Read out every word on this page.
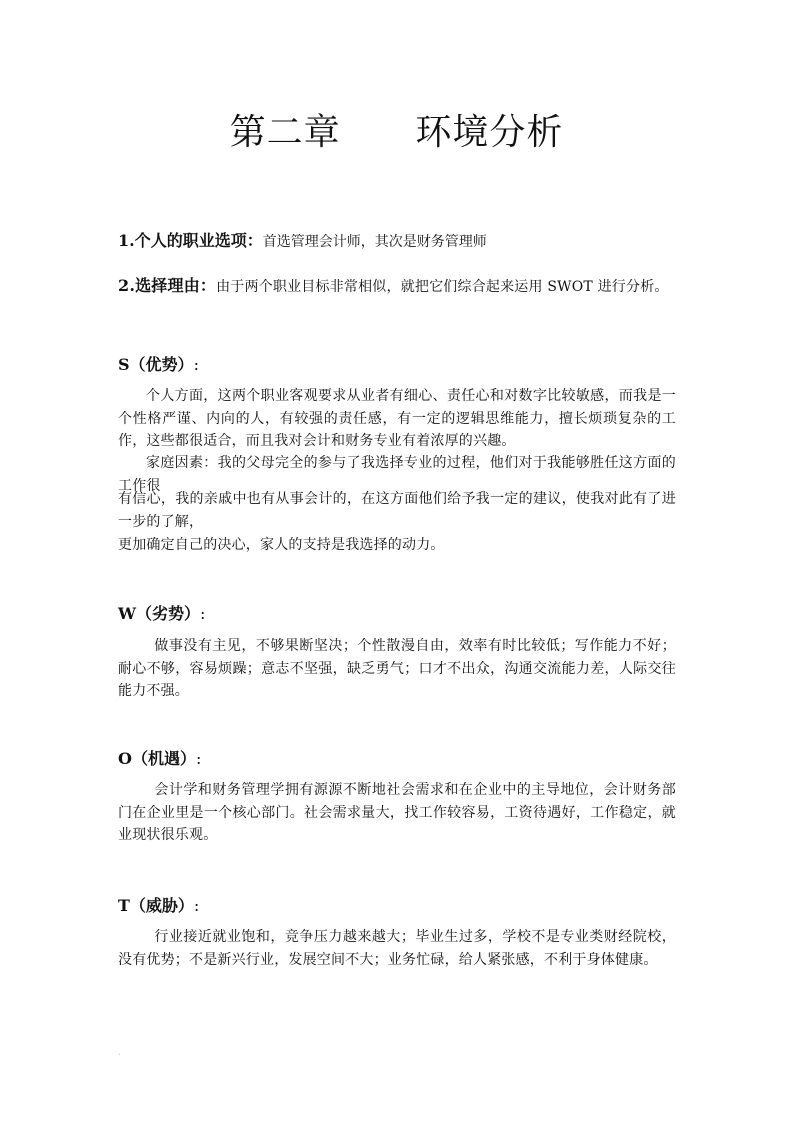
第二章      环境分析
1.个人的职业选项：首选管理会计师，其次是财务管理师
2.选择理由：由于两个职业目标非常相似，就把它们综合起来运用 SWOT 进行分析。
S（优势）:
个人方面，这两个职业客观要求从业者有细心、责任心和对数字比较敏感，而我是一个性格严谨、内向的人，有较强的责任感，有一定的逻辑思维能力，擅长烦琐复杂的工作，这些都很适合，而且我对会计和财务专业有着浓厚的兴趣。
家庭因素：我的父母完全的参与了我选择专业的过程，他们对于我能够胜任这方面的工作很
有信心，我的亲戚中也有从事会计的，在这方面他们给予我一定的建议，使我对此有了进一步的了解，
更加确定自己的决心，家人的支持是我选择的动力。
W（劣势）:
做事没有主见，不够果断坚决；个性散漫自由，效率有时比较低；写作能力不好；耐心不够，容易烦躁；意志不坚强，缺乏勇气；口才不出众，沟通交流能力差，人际交往能力不强。
O（机遇）:
会计学和财务管理学拥有源源不断地社会需求和在企业中的主导地位，会计财务部门在企业里是一个核心部门。社会需求量大，找工作较容易，工资待遇好，工作稳定，就业现状很乐观。
T（威胁）:
行业接近就业饱和，竞争压力越来越大；毕业生过多，学校不是专业类财经院校，没有优势；不是新兴行业，发展空间不大；业务忙碌，给人紧张感，不利于身体健康。
·
